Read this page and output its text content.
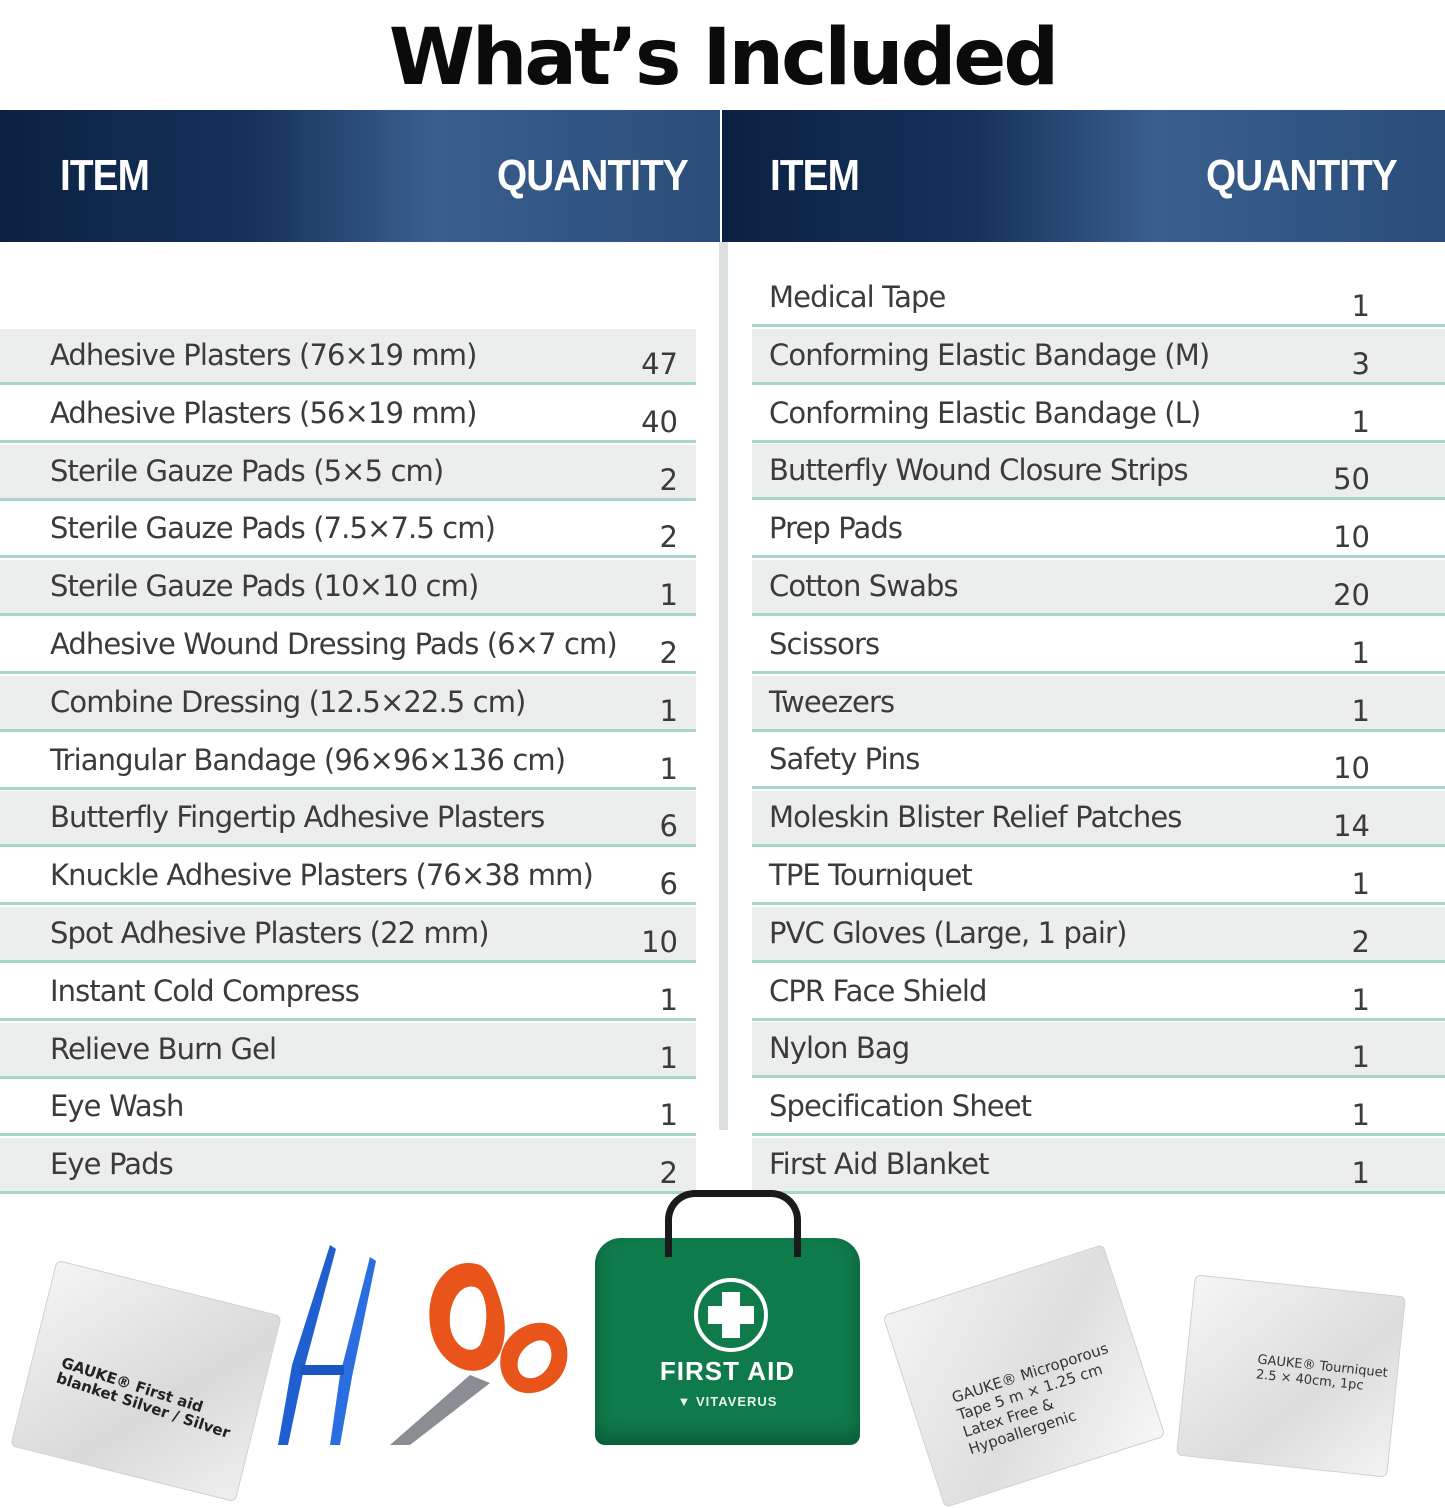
What’s Included
ITEM	QUANTITY ITEM	QUANTITY
Adhesive Plasters (76×19 mm)	47
Adhesive Plasters (56×19 mm)	40
Sterile Gauze Pads (5×5 cm)	2
Sterile Gauze Pads (7.5×7.5 cm)	2
Sterile Gauze Pads (10×10 cm)	1
Adhesive Wound Dressing Pads (6×7 cm)	2
Combine Dressing (12.5×22.5 cm)	1
Triangular Bandage (96×96×136 cm)	1
Butterfly Fingertip Adhesive Plasters	6
Knuckle Adhesive Plasters (76×38 mm)	6
Spot Adhesive Plasters (22 mm)	10
Instant Cold Compress	1
Relieve Burn Gel	1
Eye Wash	1
Eye Pads	2
Medical Tape	1
Conforming Elastic Bandage (M)	3
Conforming Elastic Bandage (L)	1
Butterfly Wound Closure Strips	50
Prep Pads	10
Cotton Swabs	20
Scissors	1
Tweezers	1
Safety Pins	10
Moleskin Blister Relief Patches	14
TPE Tourniquet	1
PVC Gloves (Large, 1 pair)	2
CPR Face Shield	1
Nylon Bag	1
Specification Sheet	1
First Aid Blanket	1
GAUKE® First aid blanket Silver / Silver	FIRST AID
▼ VITAVERUS	GAUKE® Microporous Tape 5 m × 1.25 cm Latex Free & Hypoallergenic
GAUKE® Tourniquet 2.5 × 40cm, 1pc
